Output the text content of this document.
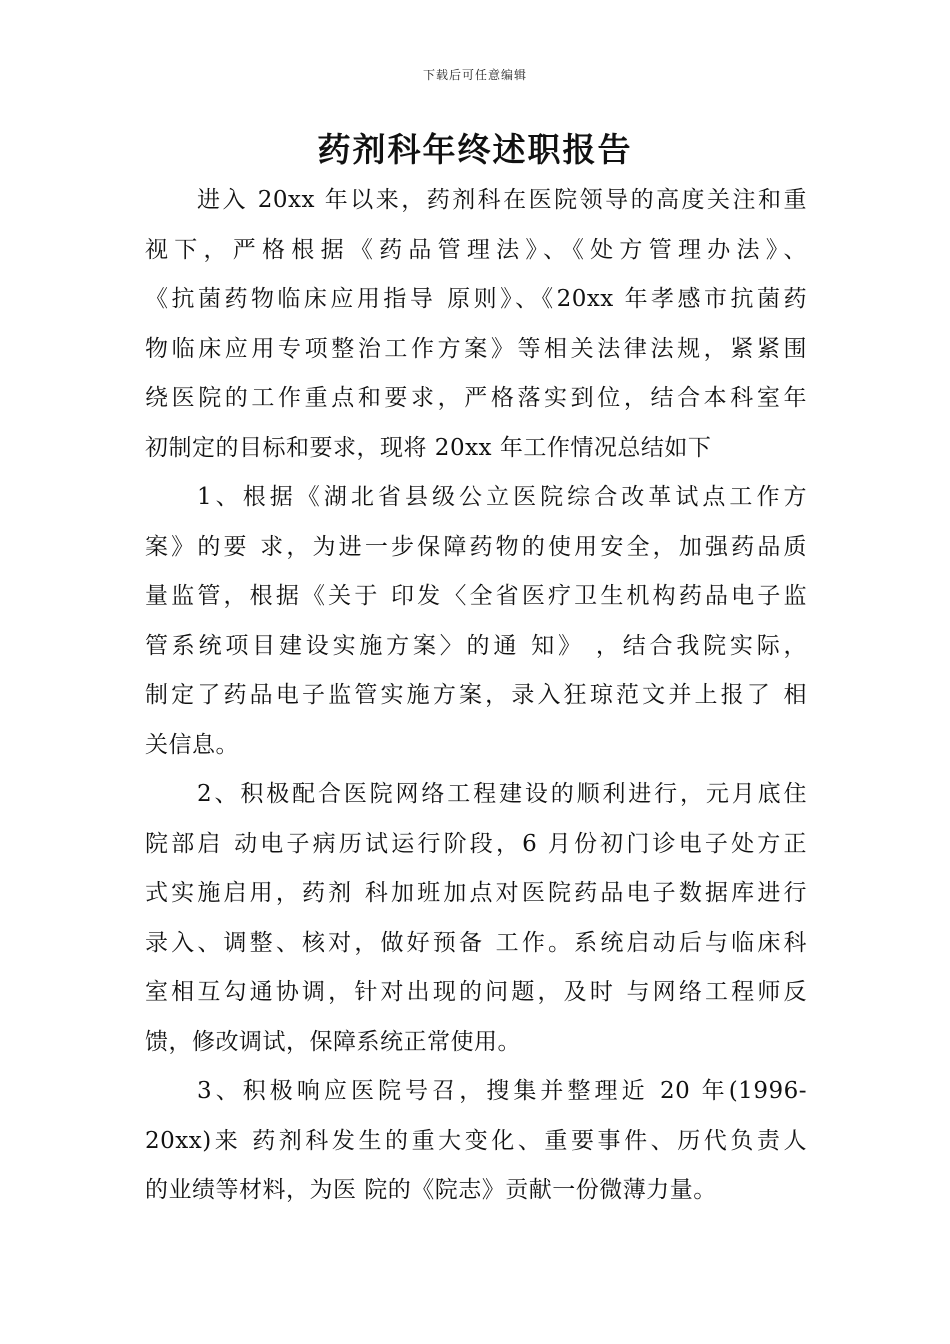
下载后可任意编辑
药剂科年终述职报告

进入 20xx 年以来，药剂科在医院领导的高度关注和重
视下，严格根据《药品管理法》、《处方管理办法》、
《抗菌药物临床应用指导 原则》、《20xx 年孝感市抗菌药
物临床应用专项整治工作方案》等相关法律法规，紧紧围
绕医院的工作重点和要求，严格落实到位，结合本科室年
初制定的目标和要求，现将 20xx 年工作情况总结如下

1、根据《湖北省县级公立医院综合改革试点工作方
案》的要 求，为进一步保障药物的使用安全，加强药品质
量监管，根据《关于 印发〈全省医疗卫生机构药品电子监
管系统项目建设实施方案〉的通 知》 ，结合我院实际，
制定了药品电子监管实施方案，录入狂琼范文并上报了 相
关信息。

2、积极配合医院网络工程建设的顺利进行，元月底住
院部启 动电子病历试运行阶段，6 月份初门诊电子处方正
式实施启用，药剂 科加班加点对医院药品电子数据库进行
录入、调整、核对，做好预备 工作。系统启动后与临床科
室相互勾通协调，针对出现的问题，及时 与网络工程师反
馈，修改调试，保障系统正常使用。

3、积极响应医院号召，搜集并整理近 20 年(1996-
20xx)来 药剂科发生的重大变化、重要事件、历代负责人
的业绩等材料，为医 院的《院志》贡献一份微薄力量。
